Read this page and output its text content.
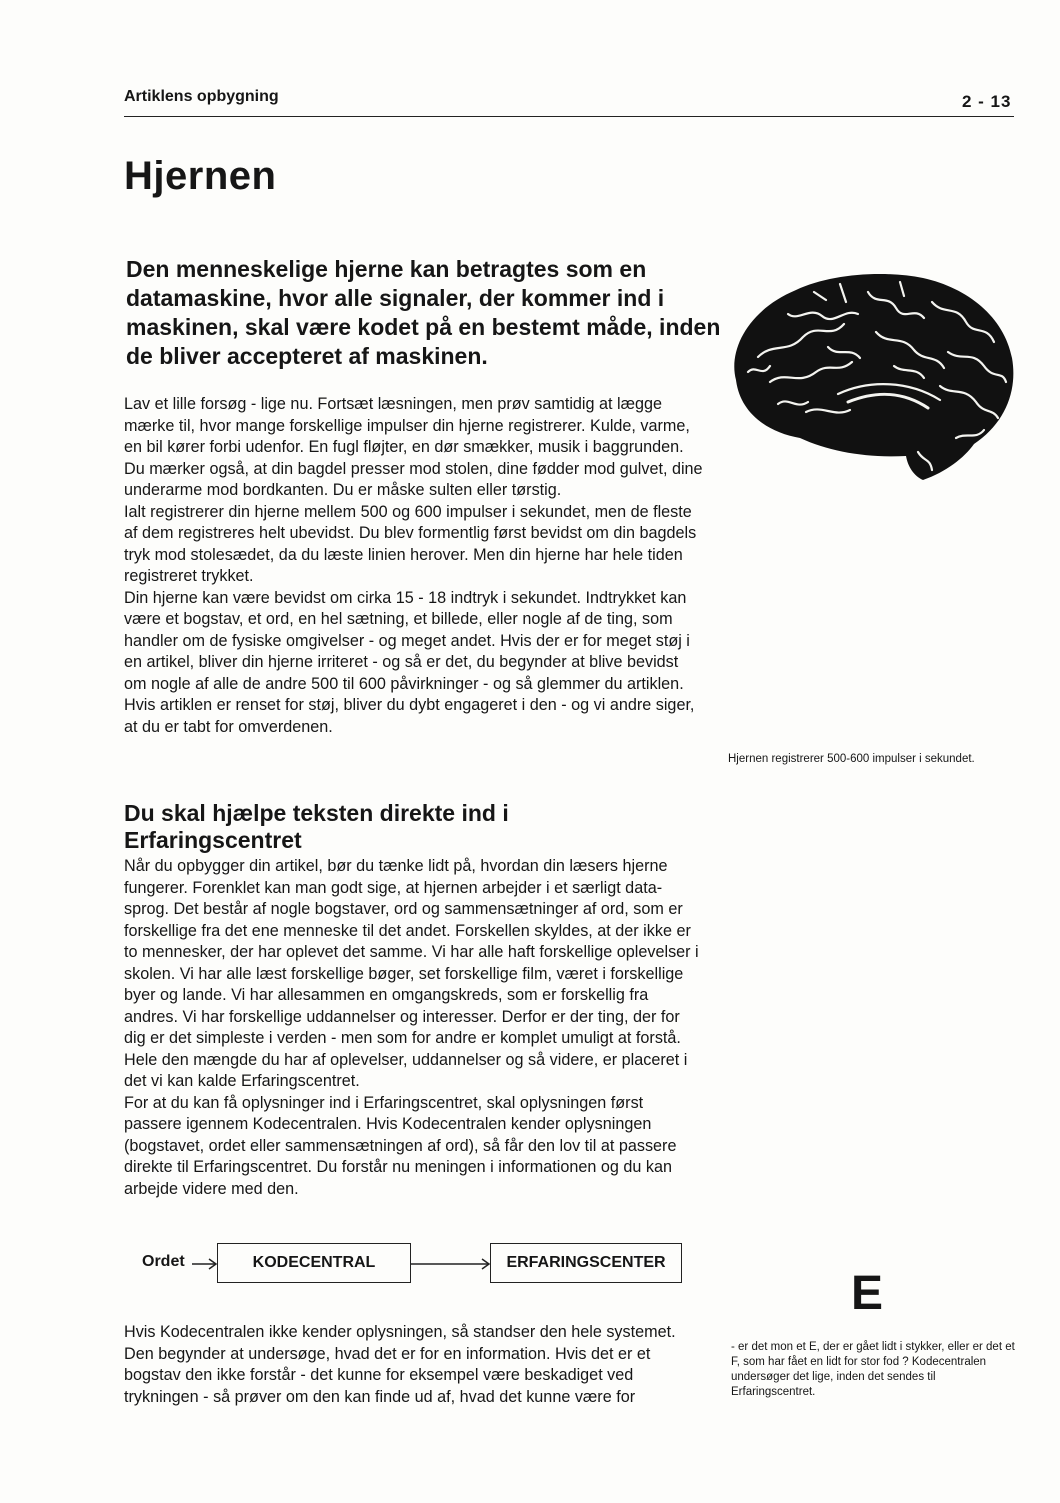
Artiklens opbygning	2 - 13
Hjernen
Den menneskelige hjerne kan betragtes som en datamaskine, hvor alle signaler, der kommer ind i maskinen, skal være kodet på en bestemt måde, inden de bliver accepteret af maskinen.

Lav et lille forsøg - lige nu. Fortsæt læsningen, men prøv samtidig at lægge mærke til, hvor mange forskellige impulser din hjerne registrerer. Kulde, varme, en bil kører forbi udenfor. En fugl fløjter, en dør smækker, musik i baggrunden. Du mærker også, at din bagdel presser mod stolen, dine fødder mod gulvet, dine underarme mod bordkanten. Du er måske sulten eller tørstig.

Ialt registrerer din hjerne mellem 500 og 600 impulser i sekundet, men de fleste af dem registreres helt ubevidst. Du blev formentlig først bevidst om din bagdels tryk mod stolesædet, da du læste linien herover. Men din hjerne har hele tiden registreret trykket.

Din hjerne kan være bevidst om cirka 15 - 18 indtryk i sekundet. Indtrykket kan være et bogstav, et ord, en hel sætning, et billede, eller nogle af de ting, som handler om de fysiske omgivelser - og meget andet. Hvis der er for meget støj i en artikel, bliver din hjerne irriteret - og så er det, du begynder at blive bevidst om nogle af alle de andre 500 til 600 påvirkninger - og så glemmer du artiklen. Hvis artiklen er renset for støj, bliver du dybt engageret i den - og vi andre siger, at du er tabt for omverdenen.

Hjernen registrerer 500-600 impulser i sekundet.
Du skal hjælpe teksten direkte ind i Erfaringscentret

Når du opbygger din artikel, bør du tænke lidt på, hvordan din læsers hjerne fungerer. Forenklet kan man godt sige, at hjernen arbejder i et særligt data-sprog. Det består af nogle bogstaver, ord og sammensætninger af ord, som er forskellige fra det ene menneske til det andet. Forskellen skyldes, at der ikke er to mennesker, der har oplevet det samme. Vi har alle haft forskellige oplevelser i skolen. Vi har alle læst forskellige bøger, set forskellige film, været i forskellige byer og lande. Vi har allesammen en omgangskreds, som er forskellig fra andres. Vi har forskellige uddannelser og interesser. Derfor er der ting, der for dig er det simpleste i verden - men som for andre er komplet umuligt at forstå.

Hele den mængde du har af oplevelser, uddannelser og så videre, er placeret i det vi kan kalde Erfaringscentret.

For at du kan få oplysninger ind i Erfaringscentret, skal oplysningen først passere igennem Kodecentralen. Hvis Kodecentralen kender oplysningen (bogstavet, ordet eller sammensætningen af ord), så får den lov til at passere direkte til Erfaringscentret. Du forstår nu meningen i informationen og du kan arbejde videre med den.

Ordet	KODECENTRAL	ERFARINGSCENTER
Hvis Kodecentralen ikke kender oplysningen, så standser den hele systemet. Den begynder at undersøge, hvad det er for en information. Hvis det er et bogstav den ikke forstår - det kunne for eksempel være beskadiget ved trykningen - så prøver om den kan finde ud af, hvad det kunne være for
E
- er det mon et E, der er gået lidt i stykker, eller er det et F, som har fået en lidt for stor fod ? Kodecentralen undersøger det lige, inden det sendes til Erfaringscentret.
